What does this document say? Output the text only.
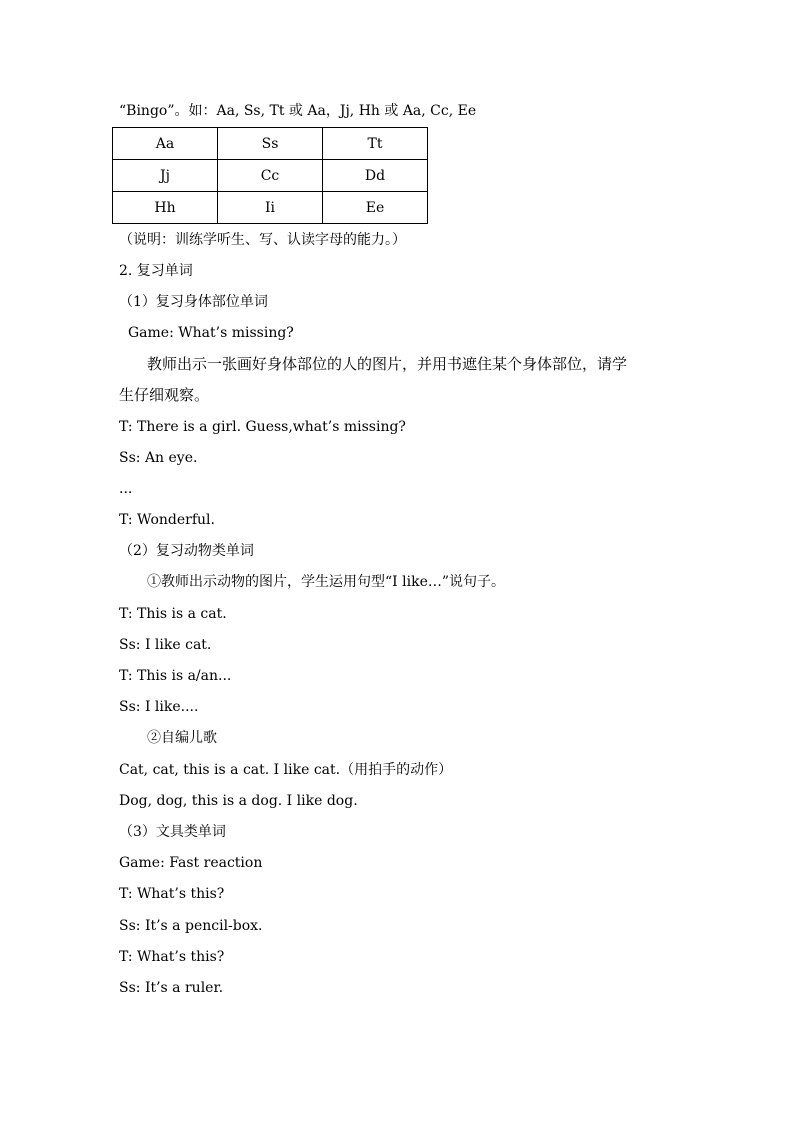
“Bingo”。如：Aa, Ss, Tt 或 Aa，Jj, Hh 或 Aa, Cc, Ee
Aa	Ss	Tt
Jj	Cc	Dd
Hh	Ii	Ee
（说明：训练学听生、写、认读字母的能力。）
2. 复习单词
（1）复习身体部位单词
Game: What’s missing?
教师出示一张画好身体部位的人的图片，并用书遮住某个身体部位，请学
生仔细观察。
T: There is a girl. Guess,what’s missing?
Ss: An eye.
...
T: Wonderful.
（2）复习动物类单词
①教师出示动物的图片，学生运用句型“I like…”说句子。
T: This is a cat.
Ss: I like cat.
T: This is a/an...
Ss: I like....
②自编儿歌
Cat, cat, this is a cat. I like cat.（用拍手的动作）
Dog, dog, this is a dog. I like dog.
（3）文具类单词
Game: Fast reaction
T: What’s this?
Ss: It’s a pencil-box.
T: What’s this?
Ss: It’s a ruler.
